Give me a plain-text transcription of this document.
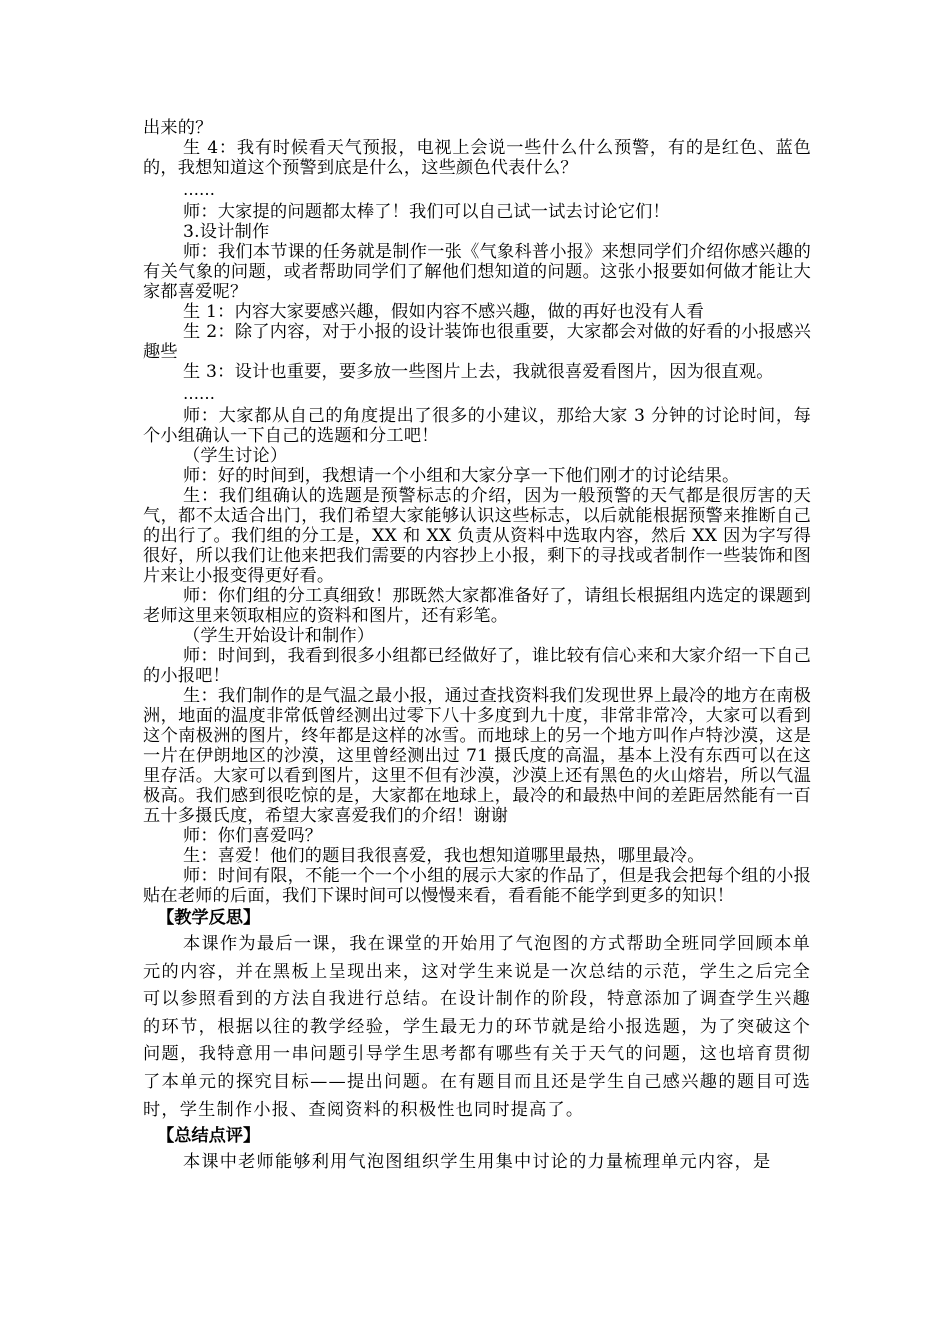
出来的？

生 4：我有时候看天气预报，电视上会说一些什么什么预警，有的是红色、蓝色的，我想知道这个预警到底是什么，这些颜色代表什么？

……

师：大家提的问题都太棒了！我们可以自己试一试去讨论它们！

3.设计制作

师：我们本节课的任务就是制作一张《气象科普小报》来想同学们介绍你感兴趣的有关气象的问题，或者帮助同学们了解他们想知道的问题。这张小报要如何做才能让大家都喜爱呢？

生 1：内容大家要感兴趣，假如内容不感兴趣，做的再好也没有人看

生 2：除了内容，对于小报的设计装饰也很重要，大家都会对做的好看的小报感兴趣些

生 3：设计也重要，要多放一些图片上去，我就很喜爱看图片，因为很直观。

……

师：大家都从自己的角度提出了很多的小建议，那给大家 3 分钟的讨论时间，每个小组确认一下自己的选题和分工吧！

（学生讨论）

师：好的时间到，我想请一个小组和大家分享一下他们刚才的讨论结果。

生：我们组确认的选题是预警标志的介绍，因为一般预警的天气都是很厉害的天气，都不太适合出门，我们希望大家能够认识这些标志，以后就能根据预警来推断自己的出行了。我们组的分工是，XX 和 XX 负责从资料中选取内容，然后 XX 因为字写得很好，所以我们让他来把我们需要的内容抄上小报，剩下的寻找或者制作一些装饰和图片来让小报变得更好看。

师：你们组的分工真细致！那既然大家都准备好了，请组长根据组内选定的课题到老师这里来领取相应的资料和图片，还有彩笔。

（学生开始设计和制作）

师：时间到，我看到很多小组都已经做好了，谁比较有信心来和大家介绍一下自己的小报吧！

生：我们制作的是气温之最小报，通过查找资料我们发现世界上最冷的地方在南极洲，地面的温度非常低曾经测出过零下八十多度到九十度，非常非常冷，大家可以看到这个南极洲的图片，终年都是这样的冰雪。而地球上的另一个地方叫作卢特沙漠，这是一片在伊朗地区的沙漠，这里曾经测出过 71 摄氏度的高温，基本上没有东西可以在这里存活。大家可以看到图片，这里不但有沙漠，沙漠上还有黑色的火山熔岩，所以气温极高。我们感到很吃惊的是，大家都在地球上，最冷的和最热中间的差距居然能有一百五十多摄氏度，希望大家喜爱我们的介绍！谢谢

师：你们喜爱吗？

生：喜爱！他们的题目我很喜爱，我也想知道哪里最热，哪里最冷。

师：时间有限，不能一个一个小组的展示大家的作品了，但是我会把每个组的小报贴在老师的后面，我们下课时间可以慢慢来看，看看能不能学到更多的知识！

【教学反思】

本课作为最后一课，我在课堂的开始用了气泡图的方式帮助全班同学回顾本单元的内容，并在黑板上呈现出来，这对学生来说是一次总结的示范，学生之后完全可以参照看到的方法自我进行总结。在设计制作的阶段，特意添加了调查学生兴趣的环节，根据以往的教学经验，学生最无力的环节就是给小报选题，为了突破这个问题，我特意用一串问题引导学生思考都有哪些有关于天气的问题，这也培育贯彻了本单元的探究目标——提出问题。在有题目而且还是学生自己感兴趣的题目可选时，学生制作小报、查阅资料的积极性也同时提高了。

【总结点评】

本课中老师能够利用气泡图组织学生用集中讨论的力量梳理单元内容，是
